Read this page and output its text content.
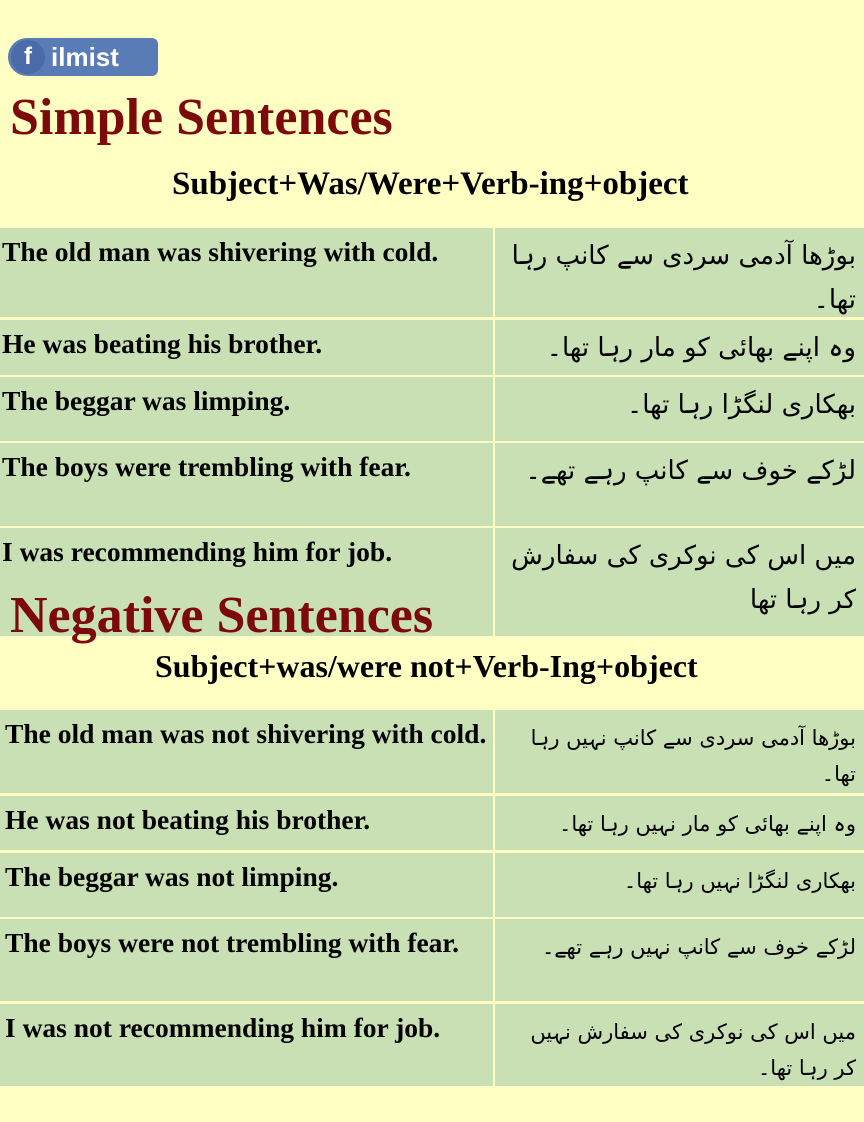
f ilmist
Simple Sentences
Subject+Was/Were+Verb-ing+object
The old man was shivering with cold.	بوڑھا آدمی سردی سے کانپ رہا تھا۔
He was beating his brother.	وہ اپنے بھائی کو مار رہا تھا۔
The beggar was limping.	بھکاری لنگڑا رہا تھا۔
The boys were trembling with fear.	لڑکے خوف سے کانپ رہے تھے۔
I was recommending him for job.	میں اس کی نوکری کی سفارش کر رہا تھا
Negative Sentences
Subject+was/were not+Verb-Ing+object
The old man was not shivering with cold.	بوڑھا آدمی سردی سے کانپ نہیں رہا تھا۔
He was not beating his brother.	وہ اپنے بھائی کو مار نہیں رہا تھا۔
The beggar was not limping.	بھکاری لنگڑا نہیں رہا تھا۔
The boys were not trembling with fear.	لڑکے خوف سے کانپ نہیں رہے تھے۔
I was not recommending him for job.	میں اس کی نوکری کی سفارش نہیں کر رہا تھا۔
